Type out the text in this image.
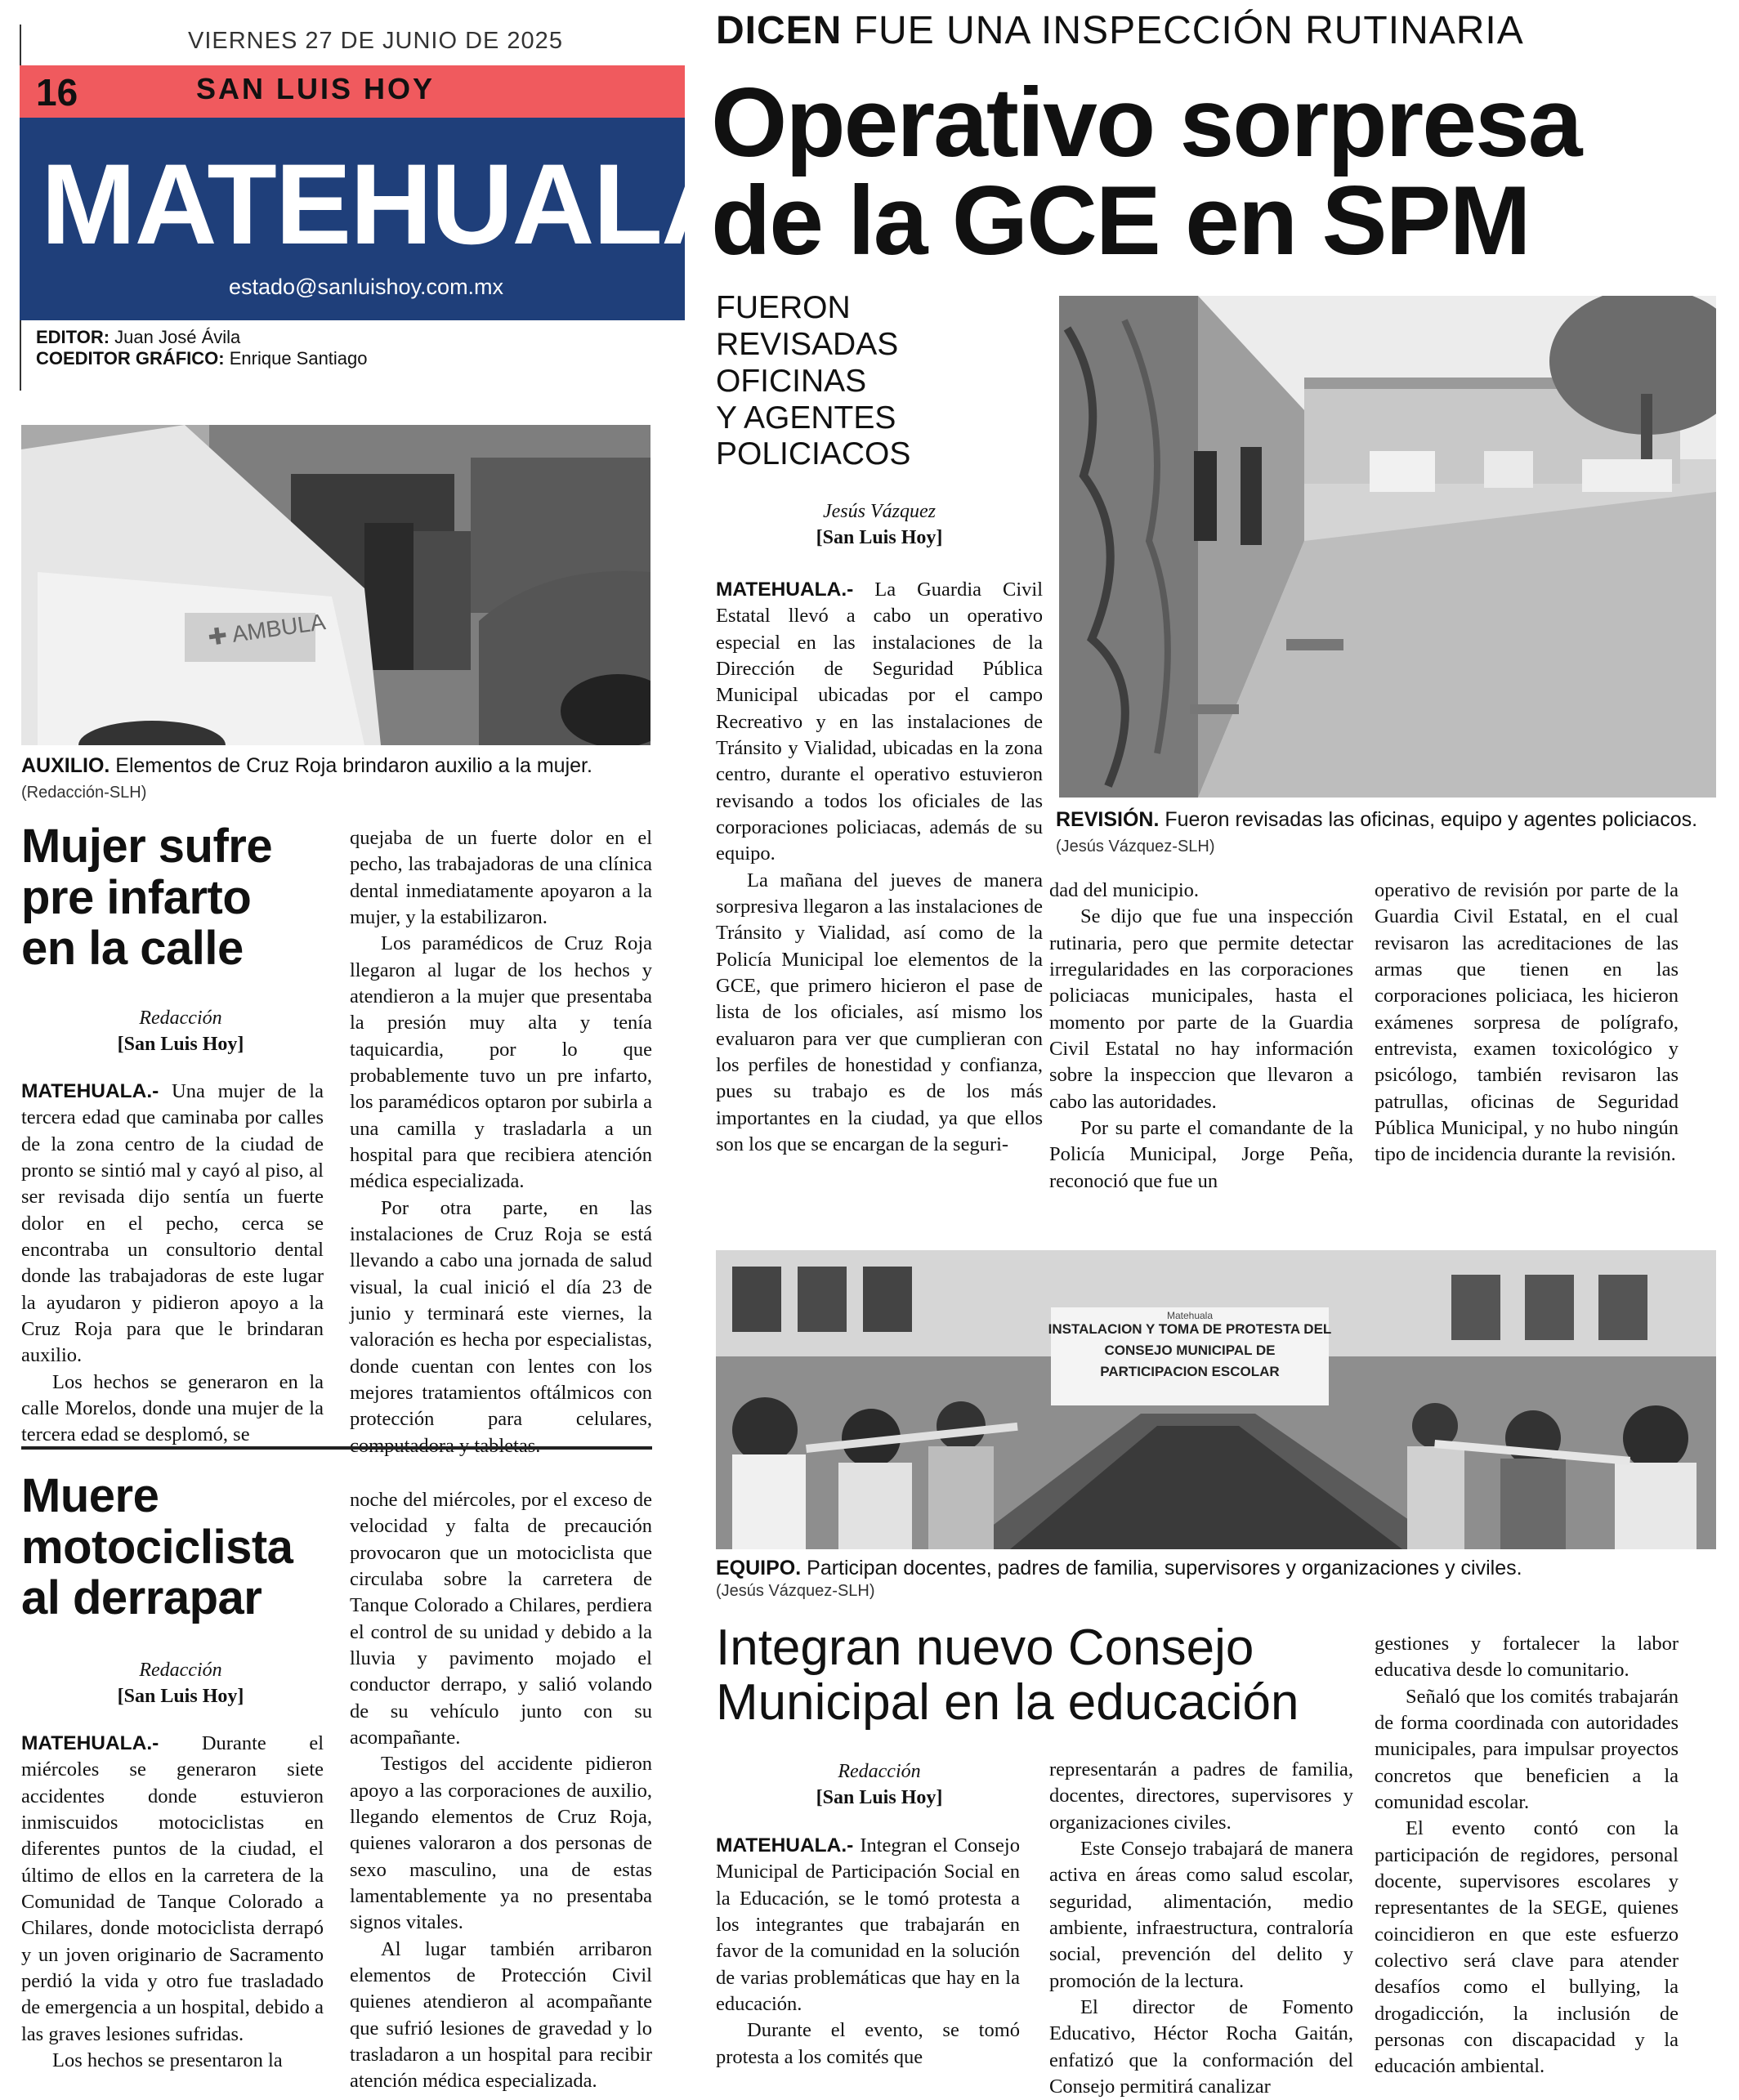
VIERNES 27 DE JUNIO DE 2025
16	SAN LUIS HOY
MATEHUALA
estado@sanluishoy.com.mx
EDITOR: Juan José Ávila
COEDITOR GRÁFICO: Enrique Santiago
DICEN FUE UNA INSPECCIÓN RUTINARIA
Operativo sorpresa
de la GCE en SPM
FUERON
REVISADAS
OFICINAS
Y AGENTES
POLICIACOS
Jesús Vázquez
[San Luis Hoy]
REVISIÓN. Fueron revisadas las oficinas, equipo y agentes policiacos. (Jesús Vázquez-SLH)

MATEHUALA.- La Guardia Civil Estatal llevó a cabo un operativo especial en las instalaciones de la Dirección de Seguridad Pública Municipal ubicadas por el campo Recreativo y en las instalaciones de Tránsito y Vialidad, ubicadas en la zona centro, durante el operativo estuvieron revisando a todos los oficiales de las corporaciones policiacas, además de su equipo.

La mañana del jueves de manera sorpresiva llegaron a las instalaciones de Tránsito y Vialidad, así como de la Policía Municipal loe elementos de la GCE, que primero hicieron el pase de lista de los oficiales, así mismo los evaluaron para ver que cumplieran con los perfiles de honestidad y confianza, pues su trabajo es de los más importantes en la ciudad, ya que ellos son los que se encargan de la seguri-

dad del municipio.

Se dijo que fue una inspección rutinaria, pero que permite detectar irregularidades en las corporaciones policiacas municipales, hasta el momento por parte de la Guardia Civil Estatal no hay información sobre la inspeccion que llevaron a cabo las autoridades.

Por su parte el comandante de la Policía Municipal, Jorge Peña, reconoció que fue un

operativo de revisión por parte de la Guardia Civil Estatal, en el cual revisaron las acreditaciones de las armas que tienen en las corporaciones policiaca, les hicieron exámenes sorpresa de polígrafo, entrevista, examen toxicológico y psicólogo, también revisaron las patrullas, oficinas de Seguridad Pública Municipal, y no hubo ningún tipo de incidencia durante la revisión.

✚ AMBULA
AUXILIO. Elementos de Cruz Roja brindaron auxilio a la mujer. (Redacción-SLH)
Mujer sufre
pre infarto
en la calle
Redacción
[San Luis Hoy]

MATEHUALA.- Una mujer de la tercera edad que caminaba por calles de la zona centro de la ciudad de pronto se sintió mal y cayó al piso, al ser revisada dijo sentía un fuerte dolor en el pecho, cerca se encontraba un consultorio dental donde las trabajadoras de este lugar la ayudaron y pidieron apoyo a la Cruz Roja para que le brindaran auxilio.

Los hechos se generaron en la calle Morelos, donde una mujer de la tercera edad se desplomó, se

quejaba de un fuerte dolor en el pecho, las trabajadoras de una clínica dental inmediatamente apoyaron a la mujer, y la estabilizaron.

Los paramédicos de Cruz Roja llegaron al lugar de los hechos y atendieron a la mujer que presentaba la presión muy alta y tenía taquicardia, por lo que probablemente tuvo un pre infarto, los paramédicos optaron por subirla a una camilla y trasladarla a un hospital para que recibiera atención médica especializada.

Por otra parte, en las instalaciones de Cruz Roja se está llevando a cabo una jornada de salud visual, la cual inició el día 23 de junio y terminará este viernes, la valoración es hecha por especialistas, donde cuentan con lentes con los mejores tratamientos oftálmicos con protección para celulares,

Muere
motociclista
al derrapar
Redacción
[San Luis Hoy]

MATEHUALA.- Durante el miércoles se generaron siete accidentes donde estuvieron inmiscuidos motociclistas en diferentes puntos de la ciudad, el último de ellos en la carretera de la Comunidad de Tanque Colorado a Chilares, donde motociclista derrapó y un joven originario de Sacramento perdió la vida y otro fue trasladado de emergencia a un hospital, debido a las graves lesiones sufridas.

Los hechos se presentaron la

noche del miércoles, por el exceso de velocidad y falta de precaución provocaron que un motociclista que circulaba sobre la carretera de Tanque Colorado a Chilares, perdiera el control de su unidad y debido a la lluvia y pavimento mojado el conductor derrapo, y salió volando de su vehículo junto con su acompañante.

Testigos del accidente pidieron apoyo a las corporaciones de auxilio, llegando elementos de Cruz Roja, quienes valoraron a dos personas de sexo masculino, una de estas lamentablemente ya no presentaba signos vitales.

Al lugar también arribaron elementos de Protección Civil quienes atendieron al acompañante que sufrió lesiones de gravedad y lo trasladaron a un hospital para recibir atención médica especializada.

INSTALACION Y TOMA DE PROTESTA DEL
CONSEJO MUNICIPAL DE
PARTICIPACION ESCOLAR
Matehuala
EQUIPO. Participan docentes, padres de familia, supervisores y organizaciones y civiles.
(Jesús Vázquez-SLH)
Integran nuevo Consejo
Municipal en la educación
Redacción
[San Luis Hoy]

MATEHUALA.- Integran el Consejo Municipal de Participación Social en la Educación, se le tomó protesta a los integrantes que trabajarán en favor de la comunidad en la solución de varias problemáticas que hay en la educación.

Durante el evento, se tomó protesta a los comités que

representarán a padres de familia, docentes, directores, supervisores y organizaciones civiles.

Este Consejo trabajará de manera activa en áreas como salud escolar, seguridad, alimentación, medio ambiente, infraestructura, contraloría social, prevención del delito y promoción de la lectura.

El director de Fomento Educativo, Héctor Rocha Gaitán, enfatizó que la conformación del Consejo permitirá canalizar

gestiones y fortalecer la labor educativa desde lo comunitario.

Señaló que los comités trabajarán de forma coordinada con autoridades municipales, para impulsar proyectos concretos que beneficien a la comunidad escolar.

El evento contó con la participación de regidores, personal docente, supervisores escolares y representantes de la SEGE, quienes coincidieron en que este esfuerzo colectivo será clave para atender desafíos como el bullying, la drogadicción, la inclusión de personas con discapacidad y la educación ambiental.
